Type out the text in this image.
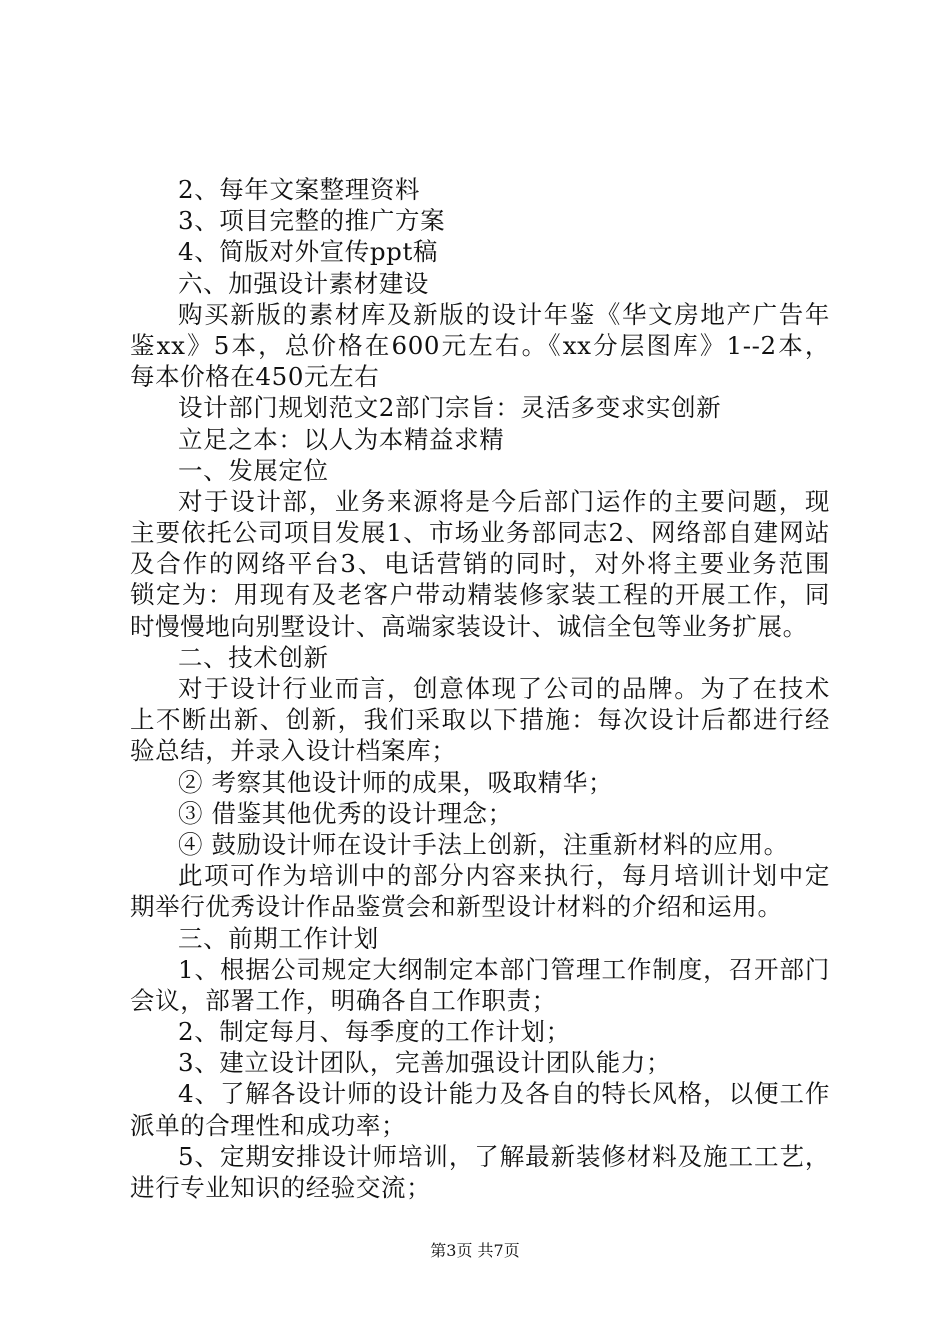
2、每年文案整理资料
3、项目完整的推广方案
4、简版对外宣传ppt稿
六、加强设计素材建设
购买新版的素材库及新版的设计年鉴《华文房地产广告年
鉴xx》5本，总价格在600元左右。《xx分层图库》1--2本，
每本价格在450元左右
设计部门规划范文2部门宗旨：灵活多变求实创新
立足之本：以人为本精益求精
一、发展定位
对于设计部，业务来源将是今后部门运作的主要问题，现
主要依托公司项目发展1、市场业务部同志2、网络部自建网站
及合作的网络平台3、电话营销的同时，对外将主要业务范围
锁定为：用现有及老客户带动精装修家装工程的开展工作，同
时慢慢地向别墅设计、高端家装设计、诚信全包等业务扩展。
二、技术创新
对于设计行业而言，创意体现了公司的品牌。为了在技术
上不断出新、创新，我们采取以下措施：每次设计后都进行经
验总结，并录入设计档案库；
② 考察其他设计师的成果，吸取精华；
③ 借鉴其他优秀的设计理念；
④ 鼓励设计师在设计手法上创新，注重新材料的应用。
此项可作为培训中的部分内容来执行，每月培训计划中定
期举行优秀设计作品鉴赏会和新型设计材料的介绍和运用。
三、前期工作计划
1、根据公司规定大纲制定本部门管理工作制度，召开部门
会议，部署工作，明确各自工作职责；
2、制定每月、每季度的工作计划；
3、建立设计团队，完善加强设计团队能力；
4、了解各设计师的设计能力及各自的特长风格，以便工作
派单的合理性和成功率；
5、定期安排设计师培训，了解最新装修材料及施工工艺，
进行专业知识的经验交流；
第3页 共7页
